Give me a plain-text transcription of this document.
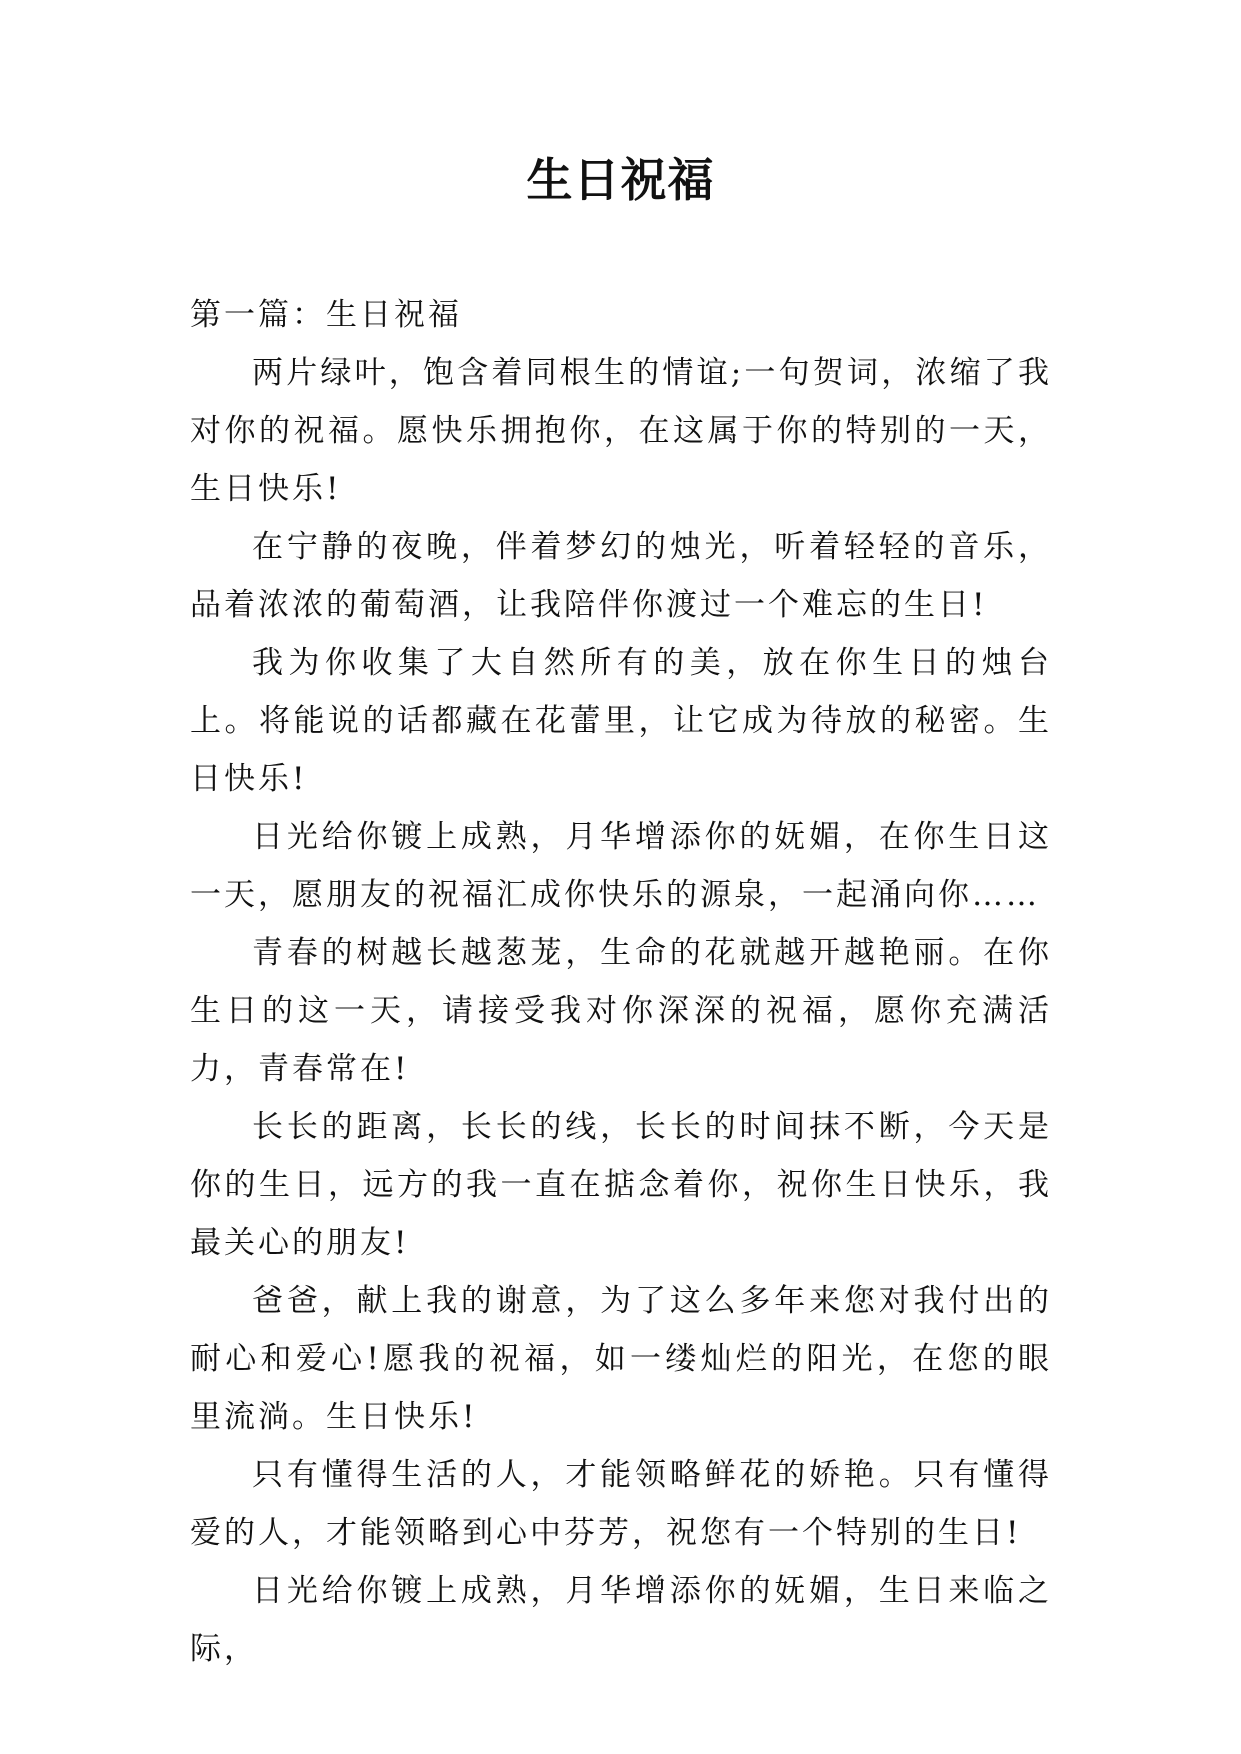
生日祝福

第一篇：生日祝福

两片绿叶，饱含着同根生的情谊;一句贺词，浓缩了我对你的祝福。愿快乐拥抱你，在这属于你的特别的一天，生日快乐!

在宁静的夜晚，伴着梦幻的烛光，听着轻轻的音乐，品着浓浓的葡萄酒，让我陪伴你渡过一个难忘的生日!

我为你收集了大自然所有的美，放在你生日的烛台上。将能说的话都藏在花蕾里，让它成为待放的秘密。生日快乐!

日光给你镀上成熟，月华增添你的妩媚，在你生日这一天，愿朋友的祝福汇成你快乐的源泉，一起涌向你……

青春的树越长越葱茏，生命的花就越开越艳丽。在你生日的这一天，请接受我对你深深的祝福，愿你充满活力，青春常在!

长长的距离，长长的线，长长的时间抹不断，今天是你的生日，远方的我一直在掂念着你，祝你生日快乐，我最关心的朋友!

爸爸，献上我的谢意，为了这么多年来您对我付出的耐心和爱心!愿我的祝福，如一缕灿烂的阳光，在您的眼里流淌。生日快乐!

只有懂得生活的人，才能领略鲜花的娇艳。只有懂得爱的人，才能领略到心中芬芳，祝您有一个特别的生日!

日光给你镀上成熟，月华增添你的妩媚，生日来临之际，
